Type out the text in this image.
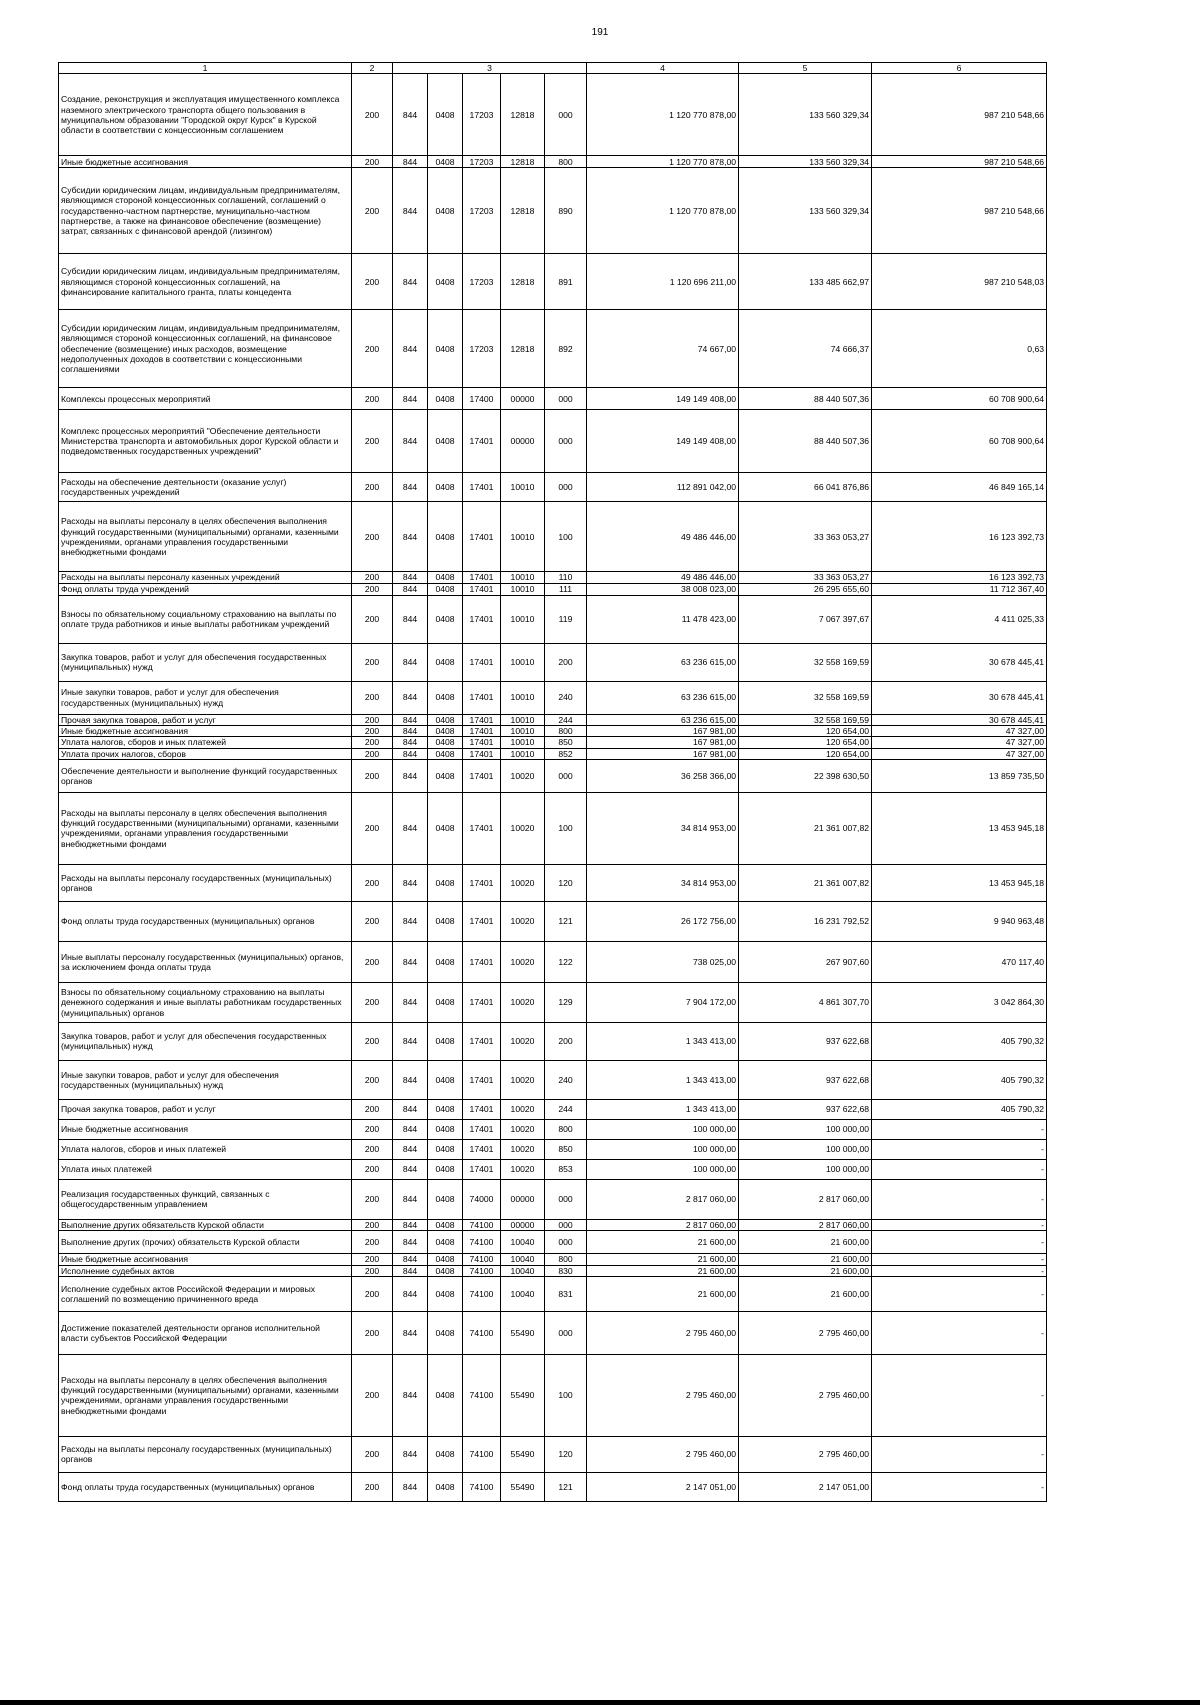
191
1	2	3					4	5	6
Создание, реконструкция и эксплуатация имущественного комплекса наземного электрического транспорта общего пользования в муниципальном образовании "Городской округ Курск" в Курской области в соответствии с концессионным соглашением	200	844	0408	17203	12818	000	1 120 770 878,00	133 560 329,34	987 210 548,66
Иные бюджетные ассигнования	200	844	0408	17203	12818	800	1 120 770 878,00	133 560 329,34	987 210 548,66
Субсидии юридическим лицам, индивидуальным предпринимателям, являющимся стороной концессионных соглашений, соглашений о государственно-частном партнерстве, муниципально-частном партнерстве, а также на финансовое обеспечение (возмещение) затрат, связанных с финансовой арендой (лизингом)	200	844	0408	17203	12818	890	1 120 770 878,00	133 560 329,34	987 210 548,66
Субсидии юридическим лицам, индивидуальным предпринимателям, являющимся стороной концессионных соглашений, на финансирование капитального гранта, платы концедента	200	844	0408	17203	12818	891	1 120 696 211,00	133 485 662,97	987 210 548,03
Субсидии юридическим лицам, индивидуальным предпринимателям, являющимся стороной концессионных соглашений, на финансовое обеспечение (возмещение) иных расходов, возмещение недополученных доходов в соответствии с концессионными соглашениями	200	844	0408	17203	12818	892	74 667,00	74 666,37	0,63
Комплексы процессных мероприятий	200	844	0408	17400	00000	000	149 149 408,00	88 440 507,36	60 708 900,64
Комплекс процессных мероприятий "Обеспечение деятельности Министерства транспорта и автомобильных дорог Курской области и подведомственных государственных учреждений"	200	844	0408	17401	00000	000	149 149 408,00	88 440 507,36	60 708 900,64
Расходы на обеспечение деятельности (оказание услуг) государственных учреждений	200	844	0408	17401	10010	000	112 891 042,00	66 041 876,86	46 849 165,14
Расходы на выплаты персоналу в целях обеспечения выполнения функций государственными (муниципальными) органами, казенными учреждениями, органами управления государственными внебюджетными фондами	200	844	0408	17401	10010	100	49 486 446,00	33 363 053,27	16 123 392,73
Расходы на выплаты персоналу казенных учреждений	200	844	0408	17401	10010	110	49 486 446,00	33 363 053,27	16 123 392,73
Фонд оплаты труда учреждений	200	844	0408	17401	10010	111	38 008 023,00	26 295 655,60	11 712 367,40
Взносы по обязательному социальному страхованию на выплаты по оплате труда работников и иные выплаты работникам учреждений	200	844	0408	17401	10010	119	11 478 423,00	7 067 397,67	4 411 025,33
Закупка товаров, работ и услуг для обеспечения государственных (муниципальных) нужд	200	844	0408	17401	10010	200	63 236 615,00	32 558 169,59	30 678 445,41
Иные закупки товаров, работ и услуг для обеспечения государственных (муниципальных) нужд	200	844	0408	17401	10010	240	63 236 615,00	32 558 169,59	30 678 445,41
Прочая закупка товаров, работ и услуг	200	844	0408	17401	10010	244	63 236 615,00	32 558 169,59	30 678 445,41
Иные бюджетные ассигнования	200	844	0408	17401	10010	800	167 981,00	120 654,00	47 327,00
Уплата налогов, сборов и иных платежей	200	844	0408	17401	10010	850	167 981,00	120 654,00	47 327,00
Уплата прочих налогов, сборов	200	844	0408	17401	10010	852	167 981,00	120 654,00	47 327,00
Обеспечение деятельности и выполнение функций государственных органов	200	844	0408	17401	10020	000	36 258 366,00	22 398 630,50	13 859 735,50
Расходы на выплаты персоналу в целях обеспечения выполнения функций государственными (муниципальными) органами, казенными учреждениями, органами управления государственными внебюджетными фондами	200	844	0408	17401	10020	100	34 814 953,00	21 361 007,82	13 453 945,18
Расходы на выплаты персоналу государственных (муниципальных) органов	200	844	0408	17401	10020	120	34 814 953,00	21 361 007,82	13 453 945,18
Фонд оплаты труда государственных (муниципальных) органов	200	844	0408	17401	10020	121	26 172 756,00	16 231 792,52	9 940 963,48
Иные выплаты персоналу государственных (муниципальных) органов, за исключением фонда оплаты труда	200	844	0408	17401	10020	122	738 025,00	267 907,60	470 117,40
Взносы по обязательному социальному страхованию на выплаты денежного содержания и иные выплаты работникам государственных (муниципальных) органов	200	844	0408	17401	10020	129	7 904 172,00	4 861 307,70	3 042 864,30
Закупка товаров, работ и услуг для обеспечения государственных (муниципальных) нужд	200	844	0408	17401	10020	200	1 343 413,00	937 622,68	405 790,32
Иные закупки товаров, работ и услуг для обеспечения государственных (муниципальных) нужд	200	844	0408	17401	10020	240	1 343 413,00	937 622,68	405 790,32
Прочая закупка товаров, работ и услуг	200	844	0408	17401	10020	244	1 343 413,00	937 622,68	405 790,32
Иные бюджетные ассигнования	200	844	0408	17401	10020	800	100 000,00	100 000,00	-
Уплата налогов, сборов и иных платежей	200	844	0408	17401	10020	850	100 000,00	100 000,00	-
Уплата иных платежей	200	844	0408	17401	10020	853	100 000,00	100 000,00	-
Реализация государственных функций, связанных с общегосударственным управлением	200	844	0408	74000	00000	000	2 817 060,00	2 817 060,00	-
Выполнение других обязательств Курской области	200	844	0408	74100	00000	000	2 817 060,00	2 817 060,00	-
Выполнение других (прочих) обязательств Курской области	200	844	0408	74100	10040	000	21 600,00	21 600,00	-
Иные бюджетные ассигнования	200	844	0408	74100	10040	800	21 600,00	21 600,00	-
Исполнение судебных актов	200	844	0408	74100	10040	830	21 600,00	21 600,00	-
Исполнение судебных актов Российской Федерации и мировых соглашений по возмещению причиненного вреда	200	844	0408	74100	10040	831	21 600,00	21 600,00	-
Достижение показателей деятельности органов исполнительной власти субъектов Российской Федерации	200	844	0408	74100	55490	000	2 795 460,00	2 795 460,00	-
Расходы на выплаты персоналу в целях обеспечения выполнения функций государственными (муниципальными) органами, казенными учреждениями, органами управления государственными внебюджетными фондами	200	844	0408	74100	55490	100	2 795 460,00	2 795 460,00	-
Расходы на выплаты персоналу государственных (муниципальных) органов	200	844	0408	74100	55490	120	2 795 460,00	2 795 460,00	-
Фонд оплаты труда государственных (муниципальных) органов	200	844	0408	74100	55490	121	2 147 051,00	2 147 051,00	-
